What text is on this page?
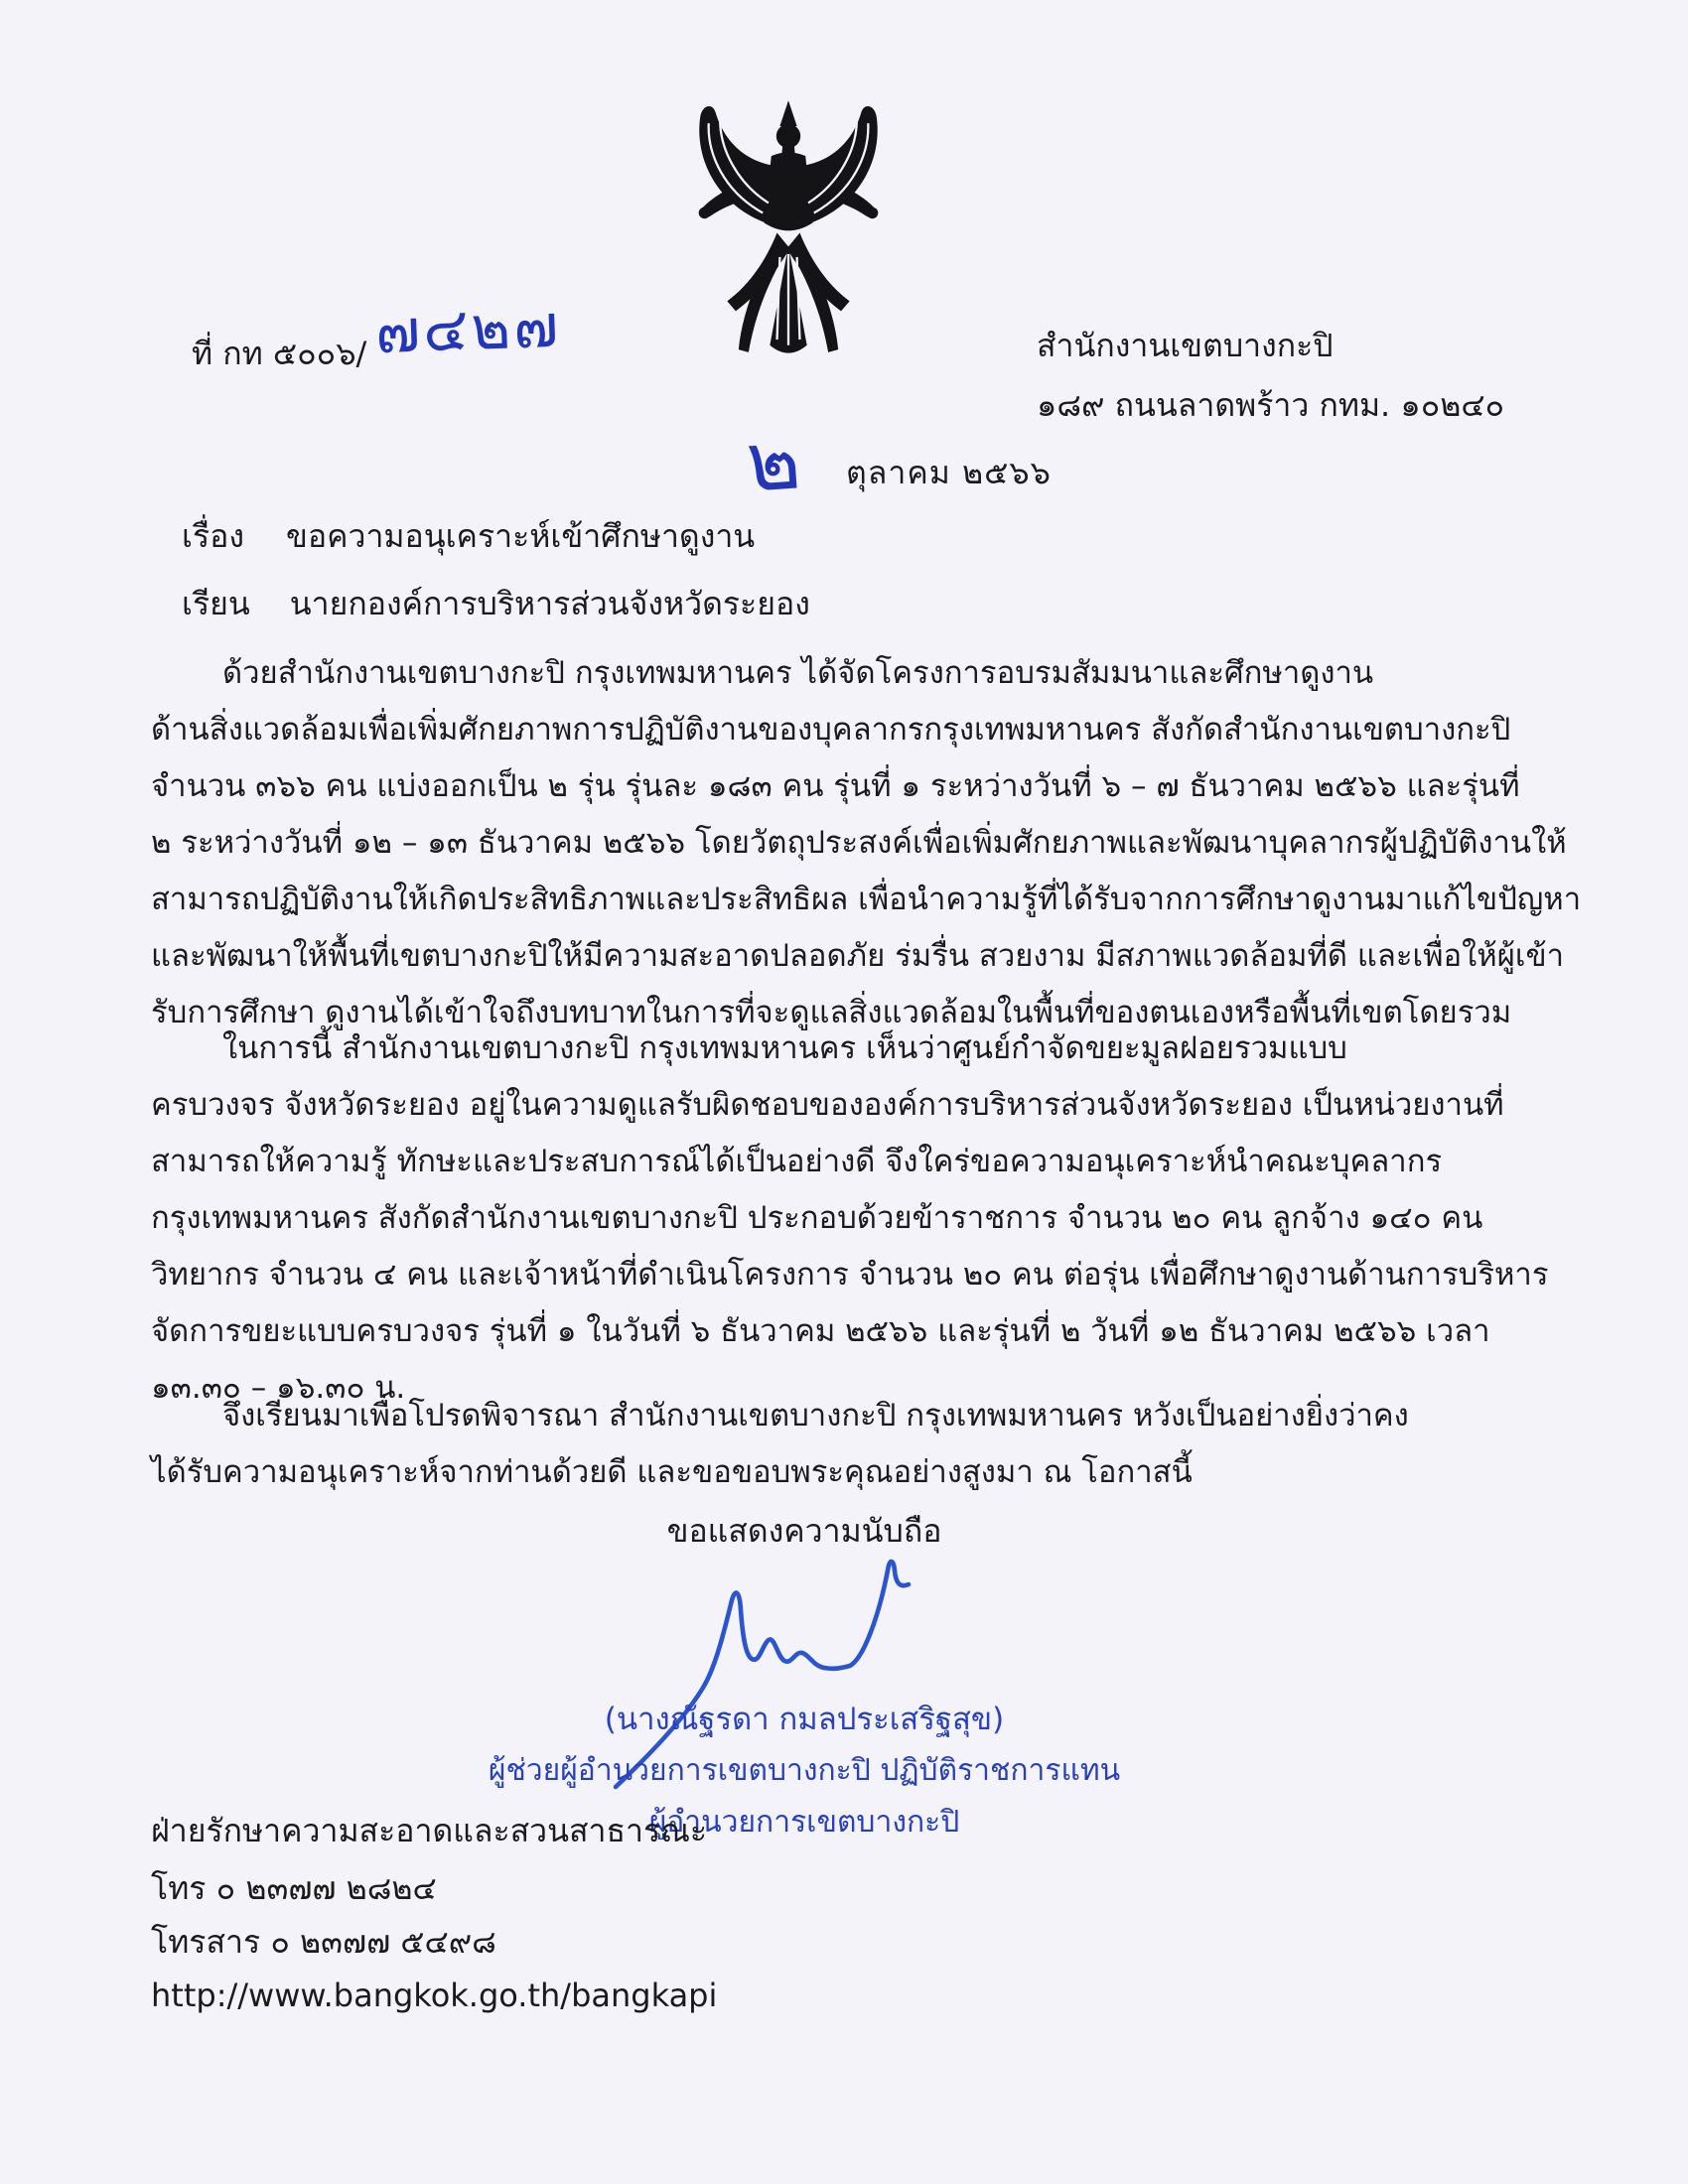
ที่ กท ๕๐๐๖/ ๗๔๒๗	สำนักงานเขตบางกะปิ
๑๘๙ ถนนลาดพร้าว กทม. ๑๐๒๔๐
๒ ตุลาคม ๒๕๖๖
เรื่อง ขอความอนุเคราะห์เข้าศึกษาดูงาน
เรียน นายกองค์การบริหารส่วนจังหวัดระยอง
ด้วยสำนักงานเขตบางกะปิ กรุงเทพมหานคร ได้จัดโครงการอบรมสัมมนาและศึกษาดูงาน
ด้านสิ่งแวดล้อมเพื่อเพิ่มศักยภาพการปฏิบัติงานของบุคลากรกรุงเทพมหานคร สังกัดสำนักงานเขตบางกะปิ
จำนวน ๓๖๖ คน แบ่งออกเป็น ๒ รุ่น รุ่นละ ๑๘๓ คน รุ่นที่ ๑ ระหว่างวันที่ ๖ – ๗ ธันวาคม ๒๕๖๖ และรุ่นที่
๒ ระหว่างวันที่ ๑๒ – ๑๓ ธันวาคม ๒๕๖๖ โดยวัตถุประสงค์เพื่อเพิ่มศักยภาพและพัฒนาบุคลากรผู้ปฏิบัติงานให้
สามารถปฏิบัติงานให้เกิดประสิทธิภาพและประสิทธิผล เพื่อนำความรู้ที่ได้รับจากการศึกษาดูงานมาแก้ไขปัญหา
และพัฒนาให้พื้นที่เขตบางกะปิให้มีความสะอาดปลอดภัย ร่มรื่น สวยงาม มีสภาพแวดล้อมที่ดี และเพื่อให้ผู้เข้า
รับการศึกษา ดูงานได้เข้าใจถึงบทบาทในการที่จะดูแลสิ่งแวดล้อมในพื้นที่ของตนเองหรือพื้นที่เขตโดยรวม
ในการนี้ สำนักงานเขตบางกะปิ กรุงเทพมหานคร เห็นว่าศูนย์กำจัดขยะมูลฝอยรวมแบบ
ครบวงจร จังหวัดระยอง อยู่ในความดูแลรับผิดชอบขององค์การบริหารส่วนจังหวัดระยอง เป็นหน่วยงานที่
สามารถให้ความรู้ ทักษะและประสบการณ์ได้เป็นอย่างดี จึงใคร่ขอความอนุเคราะห์นำคณะบุคลากร
กรุงเทพมหานคร สังกัดสำนักงานเขตบางกะปิ ประกอบด้วยข้าราชการ จำนวน ๒๐ คน ลูกจ้าง ๑๔๐ คน
วิทยากร จำนวน ๔ คน และเจ้าหน้าที่ดำเนินโครงการ จำนวน ๒๐ คน ต่อรุ่น เพื่อศึกษาดูงานด้านการบริหาร
จัดการขยะแบบครบวงจร รุ่นที่ ๑ ในวันที่ ๖ ธันวาคม ๒๕๖๖ และรุ่นที่ ๒ วันที่ ๑๒ ธันวาคม ๒๕๖๖ เวลา
๑๓.๓๐ – ๑๖.๓๐ น.
จึงเรียนมาเพื่อโปรดพิจารณา สำนักงานเขตบางกะปิ กรุงเทพมหานคร หวังเป็นอย่างยิ่งว่าคง
ได้รับความอนุเคราะห์จากท่านด้วยดี และขอขอบพระคุณอย่างสูงมา ณ โอกาสนี้
ขอแสดงความนับถือ
(นางณัฐรดา กมลประเสริฐสุข)
ผู้ช่วยผู้อำนวยการเขตบางกะปิ ปฏิบัติราชการแทน
ผู้อำนวยการเขตบางกะปิ
ฝ่ายรักษาความสะอาดและสวนสาธารณะ
โทร ๐ ๒๓๗๗ ๒๘๒๔
โทรสาร ๐ ๒๓๗๗ ๕๔๙๘
http://www.bangkok.go.th/bangkapi
